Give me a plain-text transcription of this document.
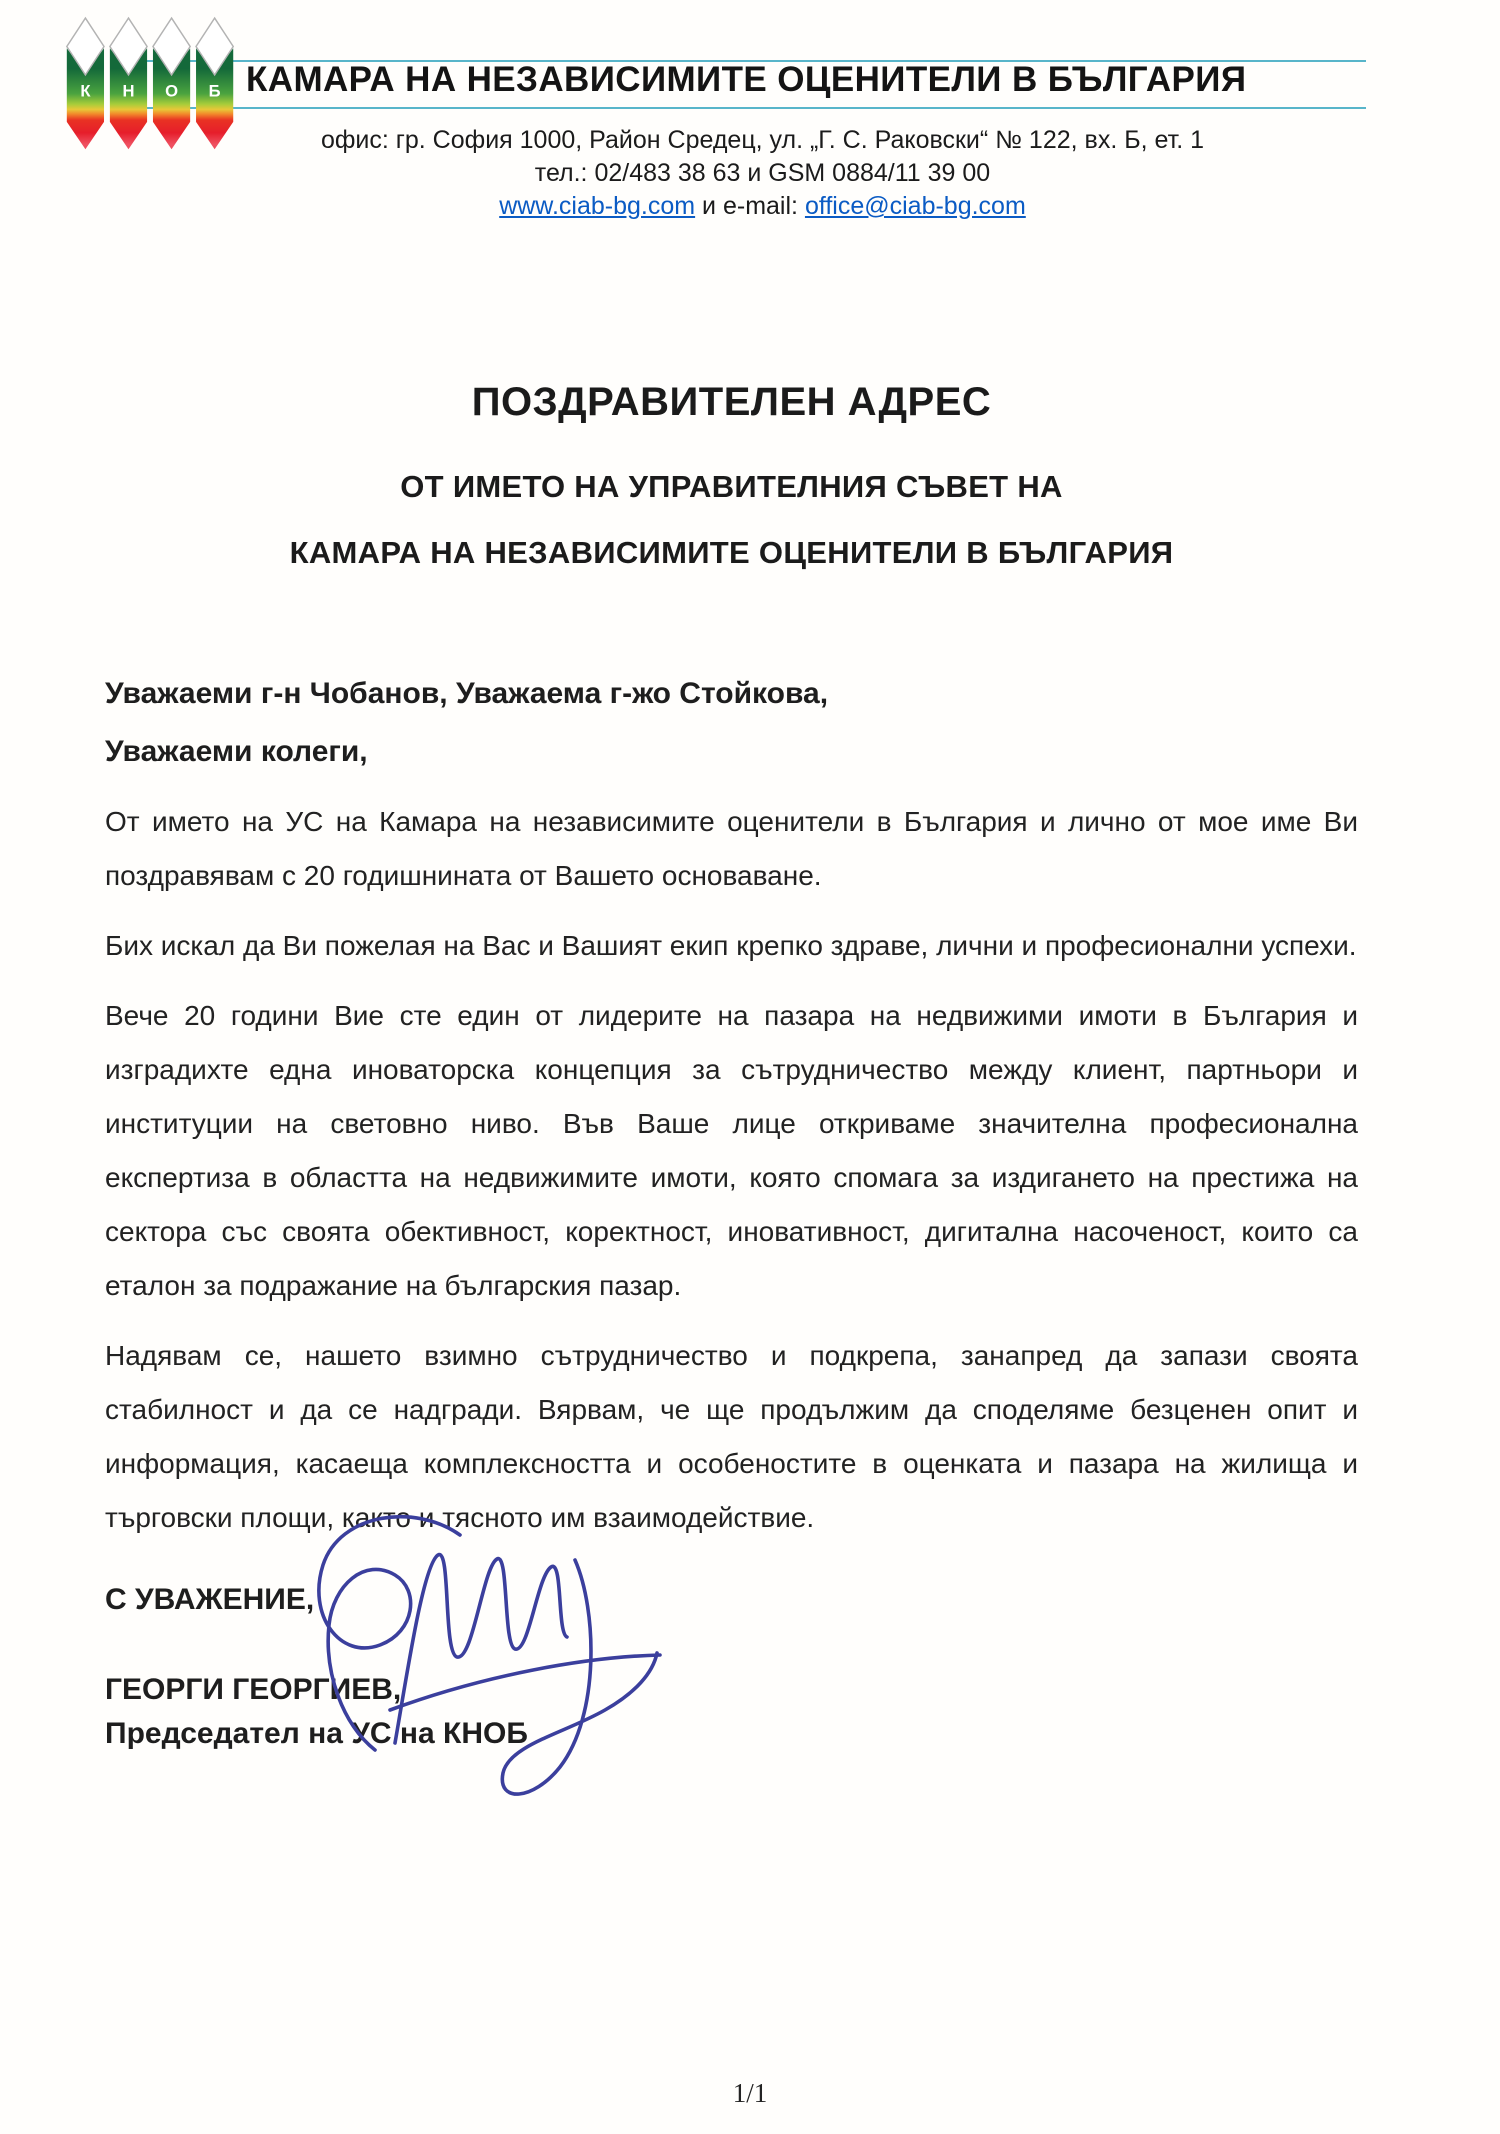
К Н О Б КАМАРА НА НЕЗАВИСИМИТЕ ОЦЕНИТЕЛИ В БЪЛГАРИЯ
офис: гр. София 1000, Район Средец, ул. „Г. С. Раковски“ № 122, вх. Б, ет. 1
тел.: 02/483 38 63 и GSM 0884/11 39 00
www.ciab-bg.com и e-mail: office@ciab-bg.com
ПОЗДРАВИТЕЛЕН АДРЕС
ОТ ИМЕТО НА УПРАВИТЕЛНИЯ СЪВЕТ НА
КАМАРА НА НЕЗАВИСИМИТЕ ОЦЕНИТЕЛИ В БЪЛГАРИЯ
Уважаеми г-н Чобанов, Уважаема г-жо Стойкова,
Уважаеми колеги,

От името на УС на Камара на независимите оценители в България и лично от мое име Ви поздравявам с 20 годишнината от Вашето основаване.

Бих искал да Ви пожелая на Вас и Вашият екип крепко здраве, лични и професионални успехи.

Вече 20 години Вие сте един от лидерите на пазара на недвижими имоти в България и изградихте една иноваторска концепция за сътрудничество между клиент, партньори и институции на световно ниво. Във Ваше лице откриваме значителна професионална експертиза в областта на недвижимите имоти, която спомага за издигането на престижа на сектора със своята обективност, коректност, иновативност, дигитална насоченост, които са еталон за подражание на българския пазар.

Надявам се, нашето взимно сътрудничество и подкрепа, занапред да запази своята стабилност и да се надгради. Вярвам, че ще продължим да споделяме безценен опит и информация, касаеща комплексността и особеностите в оценката и пазара на жилища и търговски площи, както и тясното им взаимодействие.

С УВАЖЕНИЕ,
ГЕОРГИ ГЕОРГИЕВ,
Председател на УС на КНОБ
1/1
